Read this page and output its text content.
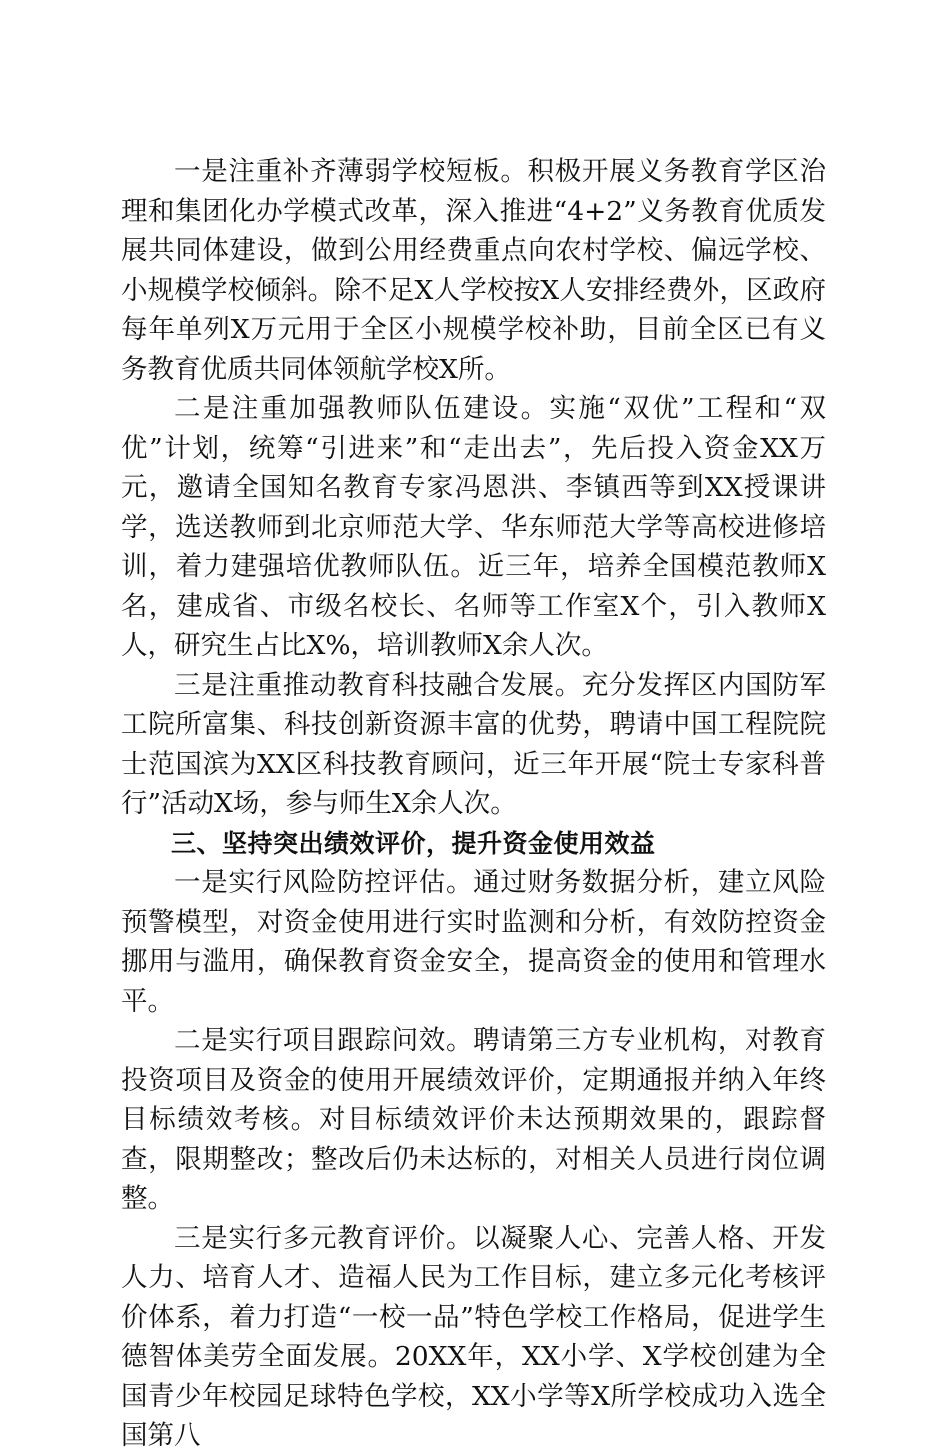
一是注重补齐薄弱学校短板。积极开展义务教育学区治理和集团化办学模式改革，深入推进“4+2”义务教育优质发展共同体建设，做到公用经费重点向农村学校、偏远学校、小规模学校倾斜。除不足X人学校按X人安排经费外，区政府每年单列X万元用于全区小规模学校补助，目前全区已有义务教育优质共同体领航学校X所。

二是注重加强教师队伍建设。实施“双优”工程和“双优”计划，统筹“引进来”和“走出去”，先后投入资金XX万元，邀请全国知名教育专家冯恩洪、李镇西等到XX授课讲学，选送教师到北京师范大学、华东师范大学等高校进修培训，着力建强培优教师队伍。近三年，培养全国模范教师X名，建成省、市级名校长、名师等工作室X个，引入教师X人，研究生占比X%，培训教师X余人次。

三是注重推动教育科技融合发展。充分发挥区内国防军工院所富集、科技创新资源丰富的优势，聘请中国工程院院士范国滨为XX区科技教育顾问，近三年开展“院士专家科普行”活动X场，参与师生X余人次。

三、坚持突出绩效评价，提升资金使用效益

一是实行风险防控评估。通过财务数据分析，建立风险预警模型，对资金使用进行实时监测和分析，有效防控资金挪用与滥用，确保教育资金安全，提高资金的使用和管理水平。

二是实行项目跟踪问效。聘请第三方专业机构，对教育投资项目及资金的使用开展绩效评价，定期通报并纳入年终目标绩效考核。对目标绩效评价未达预期效果的，跟踪督查，限期整改；整改后仍未达标的，对相关人员进行岗位调整。

三是实行多元教育评价。以凝聚人心、完善人格、开发人力、培育人才、造福人民为工作目标，建立多元化考核评价体系，着力打造“一校一品”特色学校工作格局，促进学生德智体美劳全面发展。20XX年，XX小学、X学校创建为全国青少年校园足球特色学校，XX小学等X所学校成功入选全国第八
